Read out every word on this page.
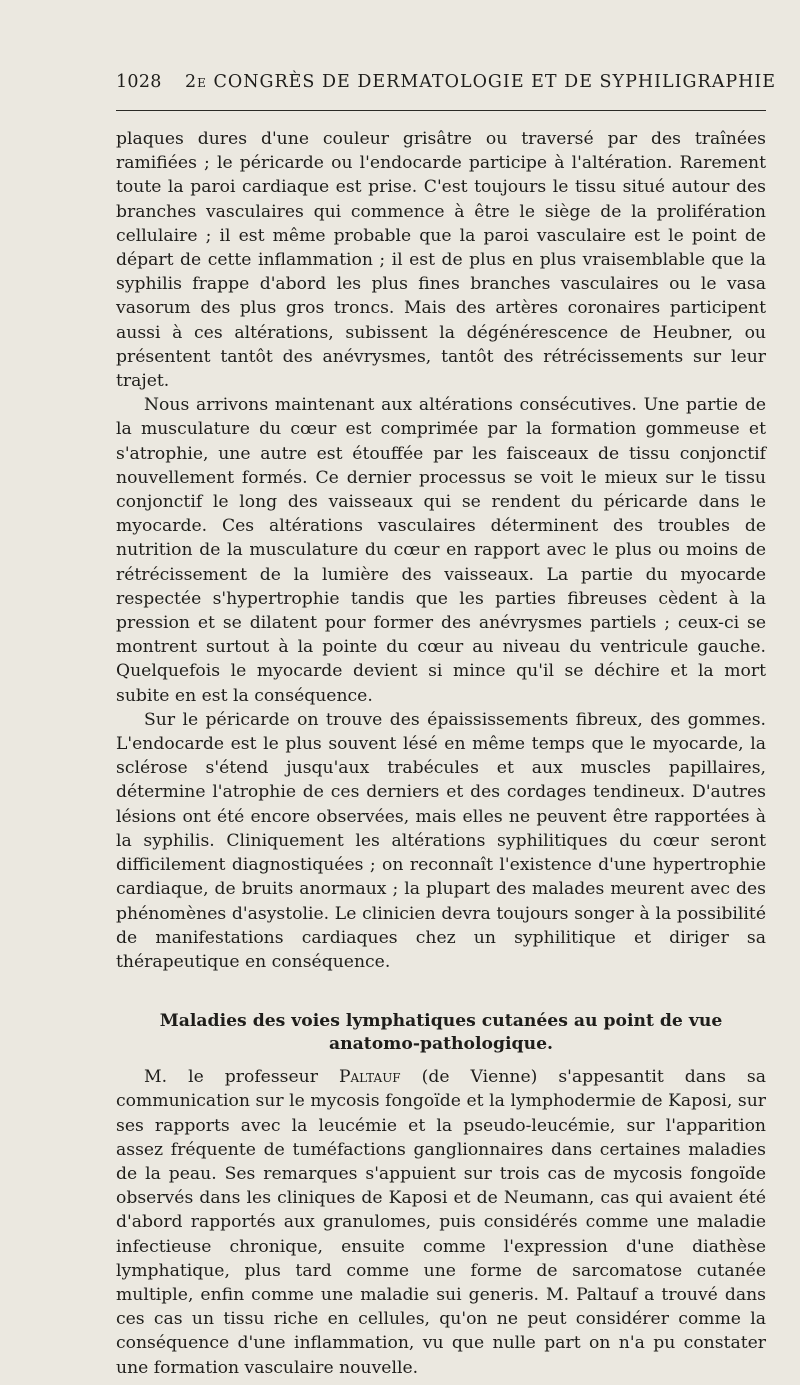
1028 2e CONGRÈS DE DERMATOLOGIE ET DE SYPHILIGRAPHIE

plaques dures d'une couleur grisâtre ou traversé par des traînées ramifiées ; le péricarde ou l'endocarde participe à l'altération. Rarement toute la paroi cardiaque est prise. C'est toujours le tissu situé autour des branches vasculaires qui commence à être le siège de la prolifération cellulaire ; il est même probable que la paroi vasculaire est le point de départ de cette inflammation ; il est de plus en plus vraisemblable que la syphilis frappe d'abord les plus fines branches vasculaires ou le vasa vasorum des plus gros troncs. Mais des artères coronaires participent aussi à ces altérations, subissent la dégénérescence de Heubner, ou présentent tantôt des anévrysmes, tantôt des rétrécissements sur leur trajet.

Nous arrivons maintenant aux altérations consécutives. Une partie de la musculature du cœur est comprimée par la formation gommeuse et s'atrophie, une autre est étouffée par les faisceaux de tissu conjonctif nouvellement formés. Ce dernier processus se voit le mieux sur le tissu conjonctif le long des vaisseaux qui se rendent du péricarde dans le myocarde. Ces altérations vasculaires déterminent des troubles de nutrition de la musculature du cœur en rapport avec le plus ou moins de rétrécissement de la lumière des vaisseaux. La partie du myocarde respectée s'hypertrophie tandis que les parties fibreuses cèdent à la pression et se dilatent pour former des anévrysmes partiels ; ceux-ci se montrent surtout à la pointe du cœur au niveau du ventricule gauche. Quelquefois le myocarde devient si mince qu'il se déchire et la mort subite en est la conséquence.

Sur le péricarde on trouve des épaississements fibreux, des gommes. L'endocarde est le plus souvent lésé en même temps que le myocarde, la sclérose s'étend jusqu'aux trabécules et aux muscles papillaires, détermine l'atrophie de ces derniers et des cordages tendineux. D'autres lésions ont été encore observées, mais elles ne peuvent être rapportées à la syphilis. Cliniquement les altérations syphilitiques du cœur seront difficilement diagnostiquées ; on reconnaît l'existence d'une hypertrophie cardiaque, de bruits anormaux ; la plupart des malades meurent avec des phénomènes d'asystolie. Le clinicien devra toujours songer à la possibilité de manifestations cardiaques chez un syphilitique et diriger sa thérapeutique en conséquence.

Maladies des voies lymphatiques cutanées au point de vue
anatomo-pathologique.

M. le professeur Paltauf (de Vienne) s'appesantit dans sa communication sur le mycosis fongoïde et la lymphodermie de Kaposi, sur ses rapports avec la leucémie et la pseudo-leucémie, sur l'apparition assez fréquente de tuméfactions ganglionnaires dans certaines maladies de la peau. Ses remarques s'appuient sur trois cas de mycosis fongoïde observés dans les cliniques de Kaposi et de Neumann, cas qui avaient été d'abord rapportés aux granulomes, puis considérés comme une maladie infectieuse chronique, ensuite comme l'expression d'une diathèse lymphatique, plus tard comme une forme de sarcomatose cutanée multiple, enfin comme une maladie sui generis. M. Paltauf a trouvé dans ces cas un tissu riche en cellules, qu'on ne peut considérer comme la conséquence d'une inflammation, vu que nulle part on n'a pu constater une formation vasculaire nouvelle.
